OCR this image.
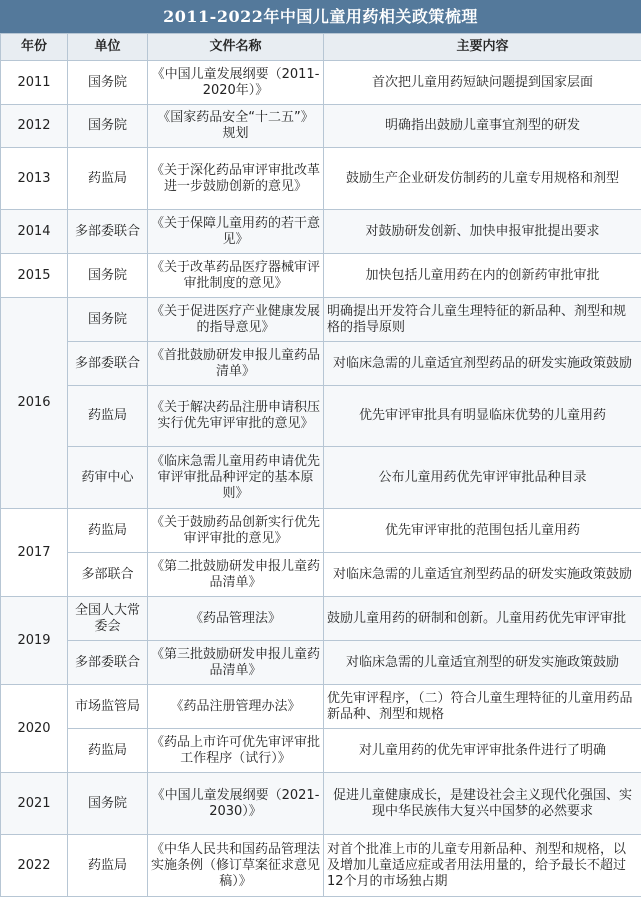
2011-2022年中国儿童用药相关政策梳理
年份	单位	文件名称	主要内容
2011	国务院	《中国儿童发展纲要（2011-2020年）》	首次把儿童用药短缺问题提到国家层面
2012	国务院	《国家药品安全“十二五”》规划	明确指出鼓励儿童事宜剂型的研发
2013	药监局	《关于深化药品审评审批改革进一步鼓励创新的意见》	鼓励生产企业研发仿制药的儿童专用规格和剂型
2014	多部委联合	《关于保障儿童用药的若干意见》	对鼓励研发创新、加快申报审批提出要求
2015	国务院	《关于改革药品医疗器械审评审批制度的意见》	加快包括儿童用药在内的创新药审批审批
2016	国务院	《关于促进医疗产业健康发展的指导意见》	明确提出开发符合儿童生理特征的新品种、剂型和规格的指导原则
	多部委联合	《首批鼓励研发申报儿童药品清单》	对临床急需的儿童适宜剂型药品的研发实施政策鼓励
	药监局	《关于解决药品注册申请积压实行优先审评审批的意见》	优先审评审批具有明显临床优势的儿童用药
	药审中心	《临床急需儿童用药申请优先审评审批品种评定的基本原则》	公布儿童用药优先审评审批品种目录
2017	药监局	《关于鼓励药品创新实行优先审评审批的意见》	优先审评审批的范围包括儿童用药
	多部联合	《第二批鼓励研发申报儿童药品清单》	对临床急需的儿童适宜剂型药品的研发实施政策鼓励
2019	全国人大常委会	《药品管理法》	鼓励儿童用药的研制和创新。儿童用药优先审评审批
	多部委联合	《第三批鼓励研发申报儿童药品清单》	对临床急需的儿童适宜剂型的研发实施政策鼓励
2020	市场监管局	《药品注册管理办法》	优先审评程序，（二）符合儿童生理特征的儿童用药品新品种、剂型和规格
	药监局	《药品上市许可优先审评审批工作程序（试行）》	对儿童用药的优先审评审批条件进行了明确
2021	国务院	《中国儿童发展纲要（2021-2030）》	促进儿童健康成长，是建设社会主义现代化强国、实现中华民族伟大复兴中国梦的必然要求
2022	药监局	《中华人民共和国药品管理法实施条例（修订草案征求意见稿）》	对首个批准上市的儿童专用新品种、剂型和规格，以及增加儿童适应症或者用法用量的，给予最长不超过12个月的市场独占期
